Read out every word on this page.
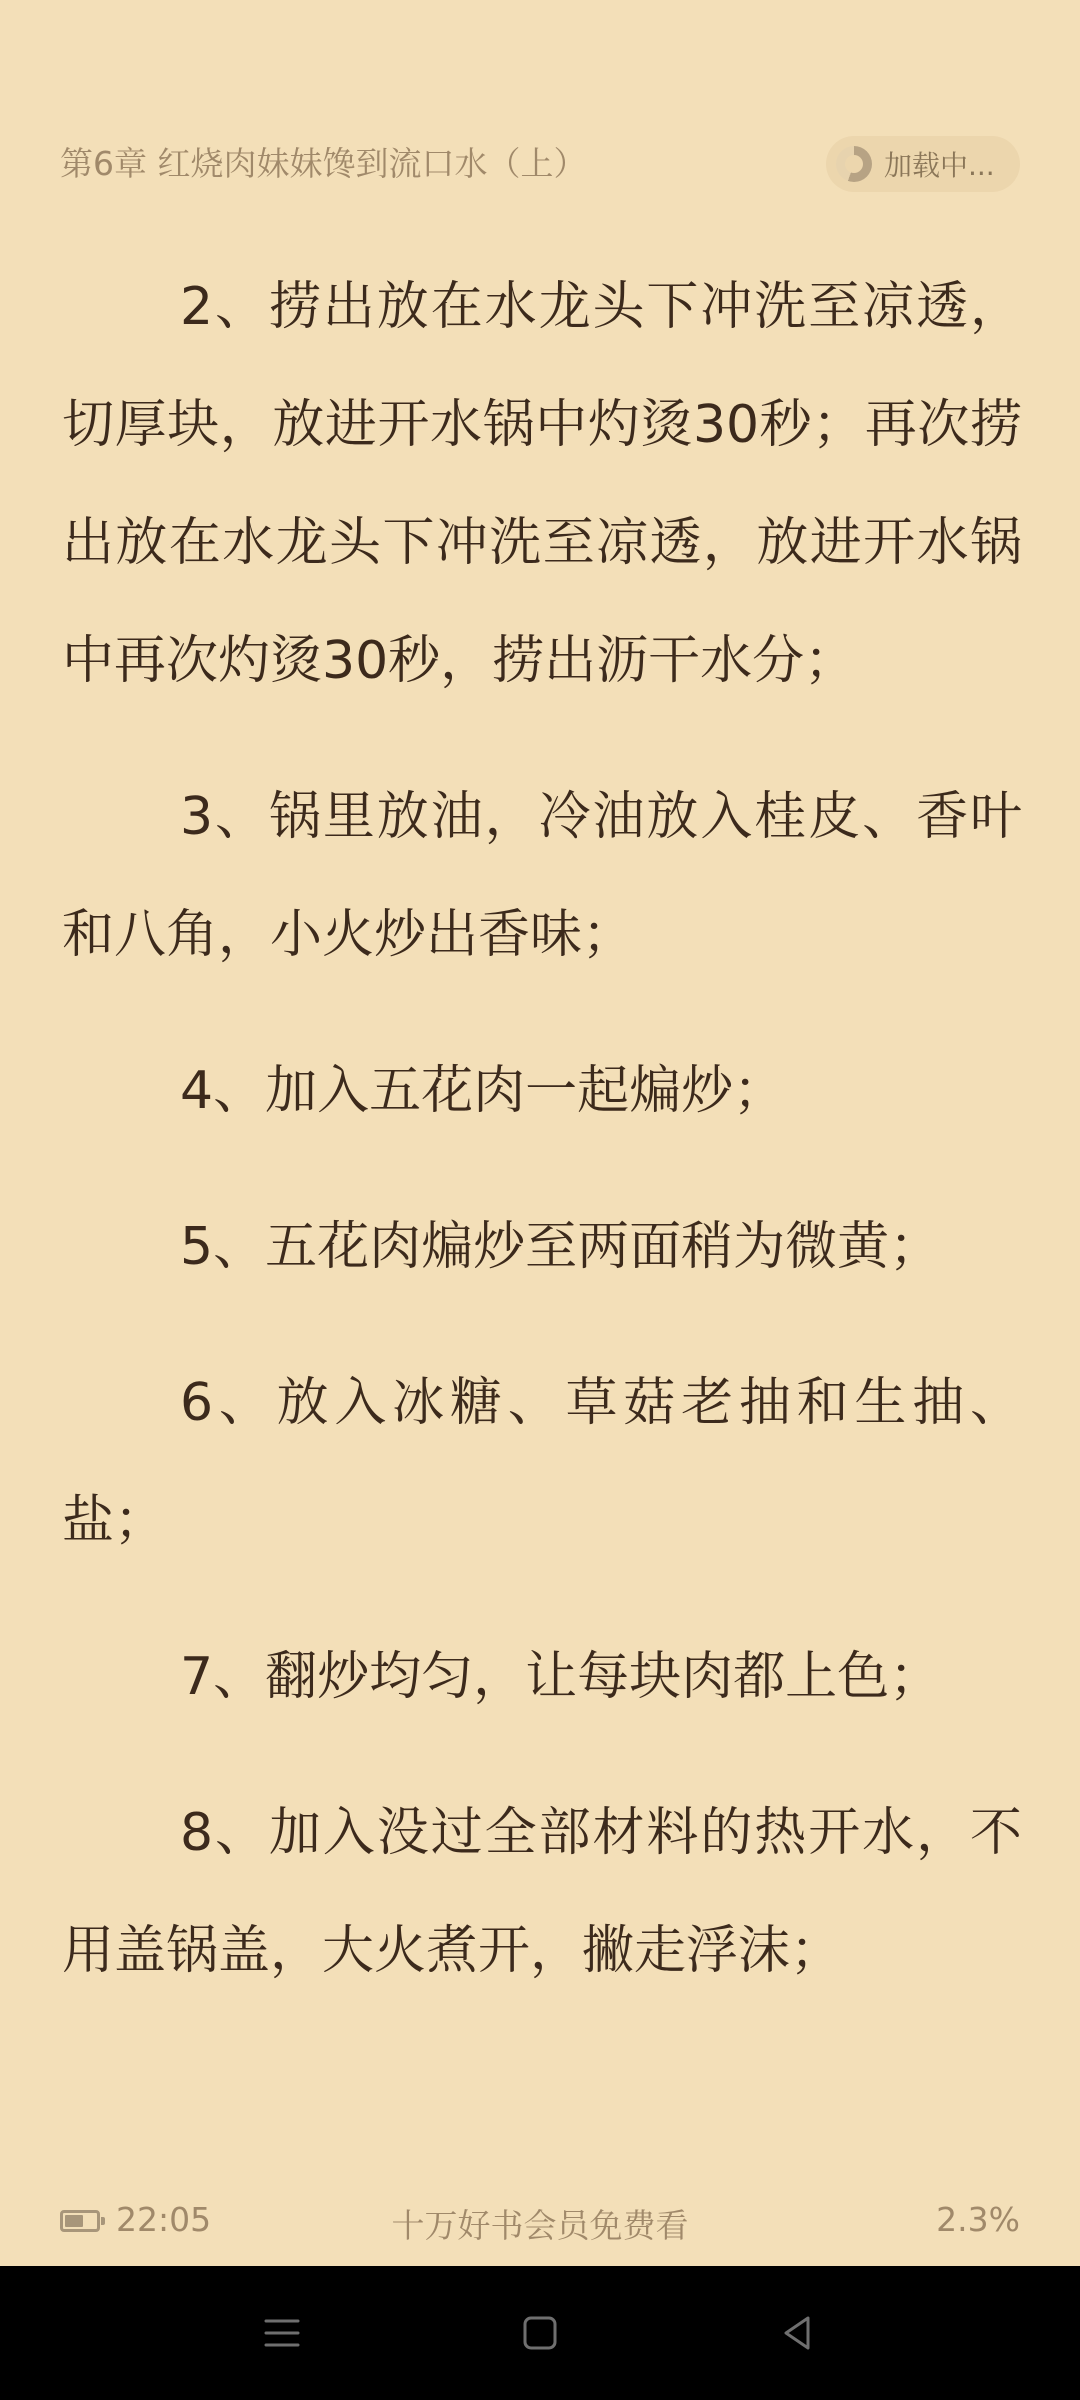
第6章 红烧肉妹妹馋到流口水（上）	加载中...

2、捞出放在水龙头下冲洗至凉透，切厚块，放进开水锅中灼烫30秒；再次捞出放在水龙头下冲洗至凉透，放进开水锅中再次灼烫30秒，捞出沥干水分；

3、锅里放油，冷油放入桂皮、香叶和八角，小火炒出香味；

4、加入五花肉一起煸炒；

5、五花肉煸炒至两面稍为微黄；

6、放入冰糖、草菇老抽和生抽、盐；

7、翻炒均匀，让每块肉都上色；

8、加入没过全部材料的热开水，不用盖锅盖，大火煮开，撇走浮沫；

22:05	十万好书会员免费看	2.3%
